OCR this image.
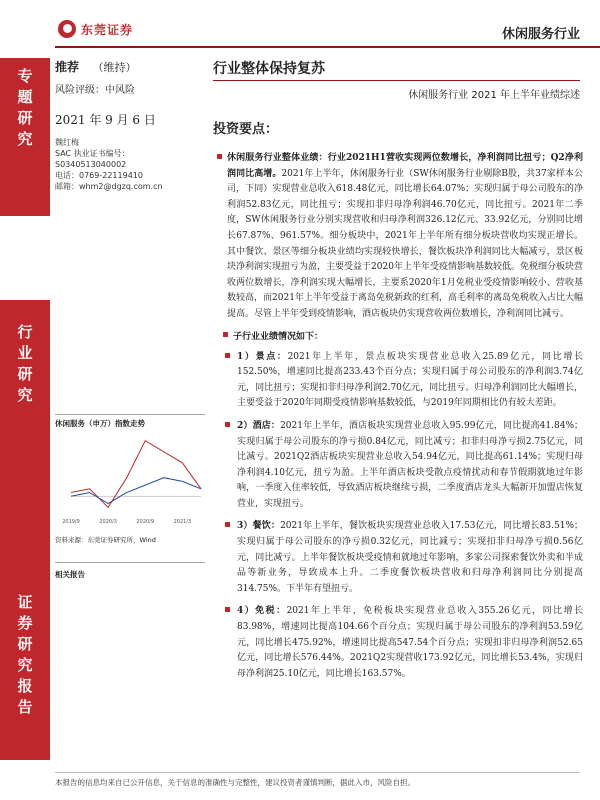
东莞证券	休闲服务行业
专
题
研
究
行
业
研
究
证
券
研
究
报
告
推荐 （维持）
风险评级：中风险
行业整体保持复苏
休闲服务行业 2021 年上半年业绩综述
2021 年 9 月 6 日
魏红梅
SAC 执业证书编号：
S0340513040002
电话：0769-22119410
邮箱：whm2@dgzq.com.cn
休闲服务（申万）指数走势
2019/9	2020/3	2020/9	2021/3
资料来源：东莞证券研究所，Wind
相关报告
投资要点：
休闲服务行业整体业绩：行业2021H1营收实现两位数增长，净利润同比扭亏；Q2净利润同比高增。2021年上半年，休闲服务行业（SW休闲服务行业剔除B股，共37家样本公司，下同）实现营业总收入618.48亿元，同比增长64.07%；实现归属于母公司股东的净利润52.83亿元，同比扭亏；实现扣非归母净利润46.70亿元，同比扭亏。2021年二季度，SW休闲服务行业分别实现营收和归母净利润326.12亿元、33.92亿元，分别同比增长67.87%、961.57%。细分板块中，2021年上半年所有细分板块营收均实现正增长。其中餐饮、景区等细分板块业绩均实现较快增长，餐饮板块净利润同比大幅减亏，景区板块净利润实现扭亏为盈，主要受益于2020年上半年受疫情影响基数较低。免税细分板块营收两位数增长，净利润实现大幅增长，主要系2020年1月免税业受疫情影响较小、营收基数较高，而2021年上半年受益于离岛免税新政的红利，高毛利率的离岛免税收入占比大幅提高。尽管上半年受到疫情影响，酒店板块仍实现营收两位数增长，净利润同比减亏。
子行业业绩情况如下：
1）景点：2021年上半年，景点板块实现营业总收入25.89亿元，同比增长152.50%，增速同比提高233.43个百分点；实现归属于母公司股东的净利润3.74亿元，同比扭亏；实现扣非归母净利润2.70亿元，同比扭亏。归母净利润同比大幅增长，主要受益于2020年同期受疫情影响基数较低，与2019年同期相比仍有较大差距。
2）酒店：2021年上半年，酒店板块实现营业总收入95.99亿元，同比提高41.84%；实现归属于母公司股东的净亏损0.84亿元，同比减亏；扣非归母净亏损2.75亿元，同比减亏。2021Q2酒店板块实现营业总收入54.94亿元，同比提高61.14%；实现归母净利润4.10亿元，扭亏为盈。上半年酒店板块受散点疫情扰动和春节假期就地过年影响，一季度入住率较低，导致酒店板块继续亏损，二季度酒店龙头大幅新开加盟店恢复营业，实现扭亏。
3）餐饮：2021年上半年，餐饮板块实现营业总收入17.53亿元，同比增长83.51%；实现归属于母公司股东的净亏损0.32亿元，同比减亏；实现扣非归母净亏损0.56亿元，同比减亏。上半年餐饮板块受疫情和就地过年影响，多家公司探索餐饮外卖和半成品等新业务，导致成本上升。二季度餐饮板块营收和归母净利润同比分别提高314.75%。下半年有望扭亏。
4）免税：2021年上半年，免税板块实现营业总收入355.26亿元，同比增长83.98%，增速同比提高104.66个百分点；实现归属于母公司股东的净利润53.59亿元，同比增长475.92%，增速同比提高547.54个百分点；实现扣非归母净利润52.65亿元，同比增长576.44%。2021Q2实现营收173.92亿元，同比增长53.4%，实现归母净利润25.10亿元，同比增长163.57%。
本报告的信息均来自已公开信息，关于信息的准确性与完整性，建议投资者谨慎判断，据此入市，风险自担。
